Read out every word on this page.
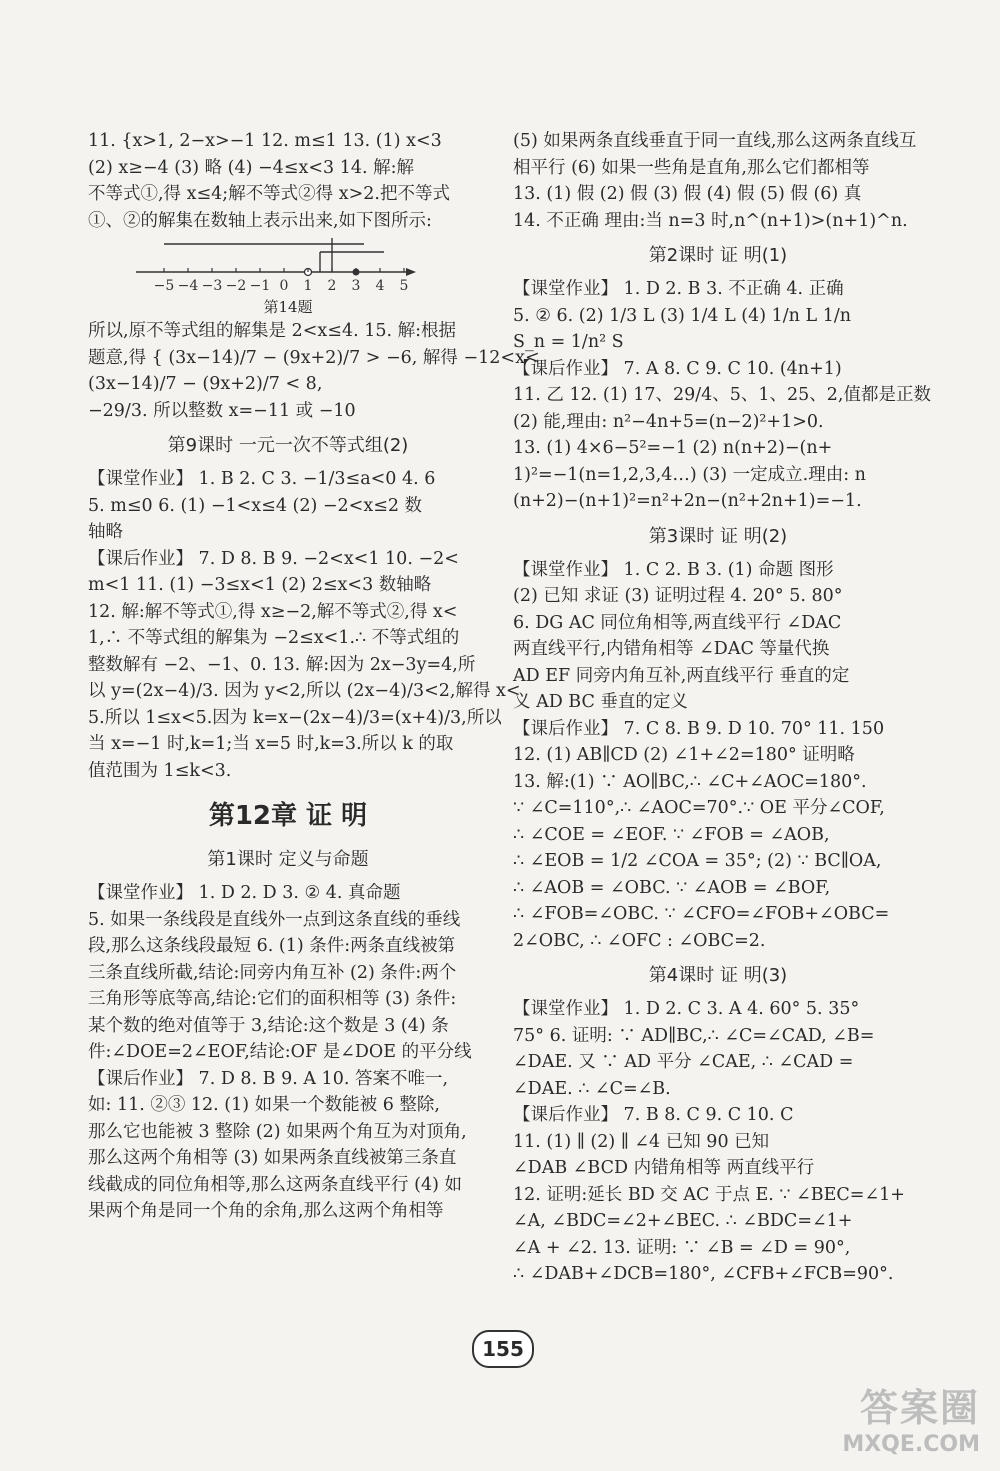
11. {x>1, 2−x>−1 12. m≤1 13. (1) x<3
(2) x≥−4 (3) 略 (4) −4≤x<3 14. 解:解
不等式①,得 x≤4;解不等式②得 x>2.把不等式
①、②的解集在数轴上表示出来,如下图所示:
−5 −4 −3 −2 −1 0 1 2 3 4 5
第14题
所以,原不等式组的解集是 2<x≤4. 15. 解:根据
题意,得 { (3x−14)/7 − (9x+2)/7 > −6, 解得 −12<x<
(3x−14)/7 − (9x+2)/7 < 8,
−29/3. 所以整数 x=−11 或 −10
第9课时 一元一次不等式组(2)
【课堂作业】 1. B 2. C 3. −1/3≤a<0 4. 6
5. m≤0 6. (1) −1<x≤4 (2) −2<x≤2 数
轴略
【课后作业】 7. D 8. B 9. −2<x<1 10. −2<
m<1 11. (1) −3≤x<1 (2) 2≤x<3 数轴略
12. 解:解不等式①,得 x≥−2,解不等式②,得 x<
1,∴ 不等式组的解集为 −2≤x<1.∴ 不等式组的
整数解有 −2、−1、0. 13. 解:因为 2x−3y=4,所
以 y=(2x−4)/3. 因为 y<2,所以 (2x−4)/3<2,解得 x<
5.所以 1≤x<5.因为 k=x−(2x−4)/3=(x+4)/3,所以
当 x=−1 时,k=1;当 x=5 时,k=3.所以 k 的取
值范围为 1≤k<3.
第12章 证 明
第1课时 定义与命题
【课堂作业】 1. D 2. D 3. ② 4. 真命题
5. 如果一条线段是直线外一点到这条直线的垂线
段,那么这条线段最短 6. (1) 条件:两条直线被第
三条直线所截,结论:同旁内角互补 (2) 条件:两个
三角形等底等高,结论:它们的面积相等 (3) 条件:
某个数的绝对值等于 3,结论:这个数是 3 (4) 条
件:∠DOE=2∠EOF,结论:OF 是∠DOE 的平分线
【课后作业】 7. D 8. B 9. A 10. 答案不唯一,
如: 11. ②③ 12. (1) 如果一个数能被 6 整除,
那么它也能被 3 整除 (2) 如果两个角互为对顶角,
那么这两个角相等 (3) 如果两条直线被第三条直
线截成的同位角相等,那么这两条直线平行 (4) 如
果两个角是同一个角的余角,那么这两个角相等
(5) 如果两条直线垂直于同一直线,那么这两条直线互
相平行 (6) 如果一些角是直角,那么它们都相等
13. (1) 假 (2) 假 (3) 假 (4) 假 (5) 假 (6) 真
14. 不正确 理由:当 n=3 时,n^(n+1)>(n+1)^n.
第2课时 证 明(1)
【课堂作业】 1. D 2. B 3. 不正确 4. 正确
5. ② 6. (2) 1/3 L (3) 1/4 L (4) 1/n L 1/n
S_n = 1/n² S
【课后作业】 7. A 8. C 9. C 10. (4n+1)
11. 乙 12. (1) 17、29/4、5、1、25、2,值都是正数
(2) 能,理由: n²−4n+5=(n−2)²+1>0.
13. (1) 4×6−5²=−1 (2) n(n+2)−(n+
1)²=−1(n=1,2,3,4…) (3) 一定成立.理由: n
(n+2)−(n+1)²=n²+2n−(n²+2n+1)=−1.
第3课时 证 明(2)
【课堂作业】 1. C 2. B 3. (1) 命题 图形
(2) 已知 求证 (3) 证明过程 4. 20° 5. 80°
6. DG AC 同位角相等,两直线平行 ∠DAC
两直线平行,内错角相等 ∠DAC 等量代换
AD EF 同旁内角互补,两直线平行 垂直的定
义 AD BC 垂直的定义
【课后作业】 7. C 8. B 9. D 10. 70° 11. 150
12. (1) AB∥CD (2) ∠1+∠2=180° 证明略
13. 解:(1) ∵ AO∥BC,∴ ∠C+∠AOC=180°.
∵ ∠C=110°,∴ ∠AOC=70°.∵ OE 平分∠COF,
∴ ∠COE = ∠EOF. ∵ ∠FOB = ∠AOB,
∴ ∠EOB = 1/2 ∠COA = 35°; (2) ∵ BC∥OA,
∴ ∠AOB = ∠OBC. ∵ ∠AOB = ∠BOF,
∴ ∠FOB=∠OBC. ∵ ∠CFO=∠FOB+∠OBC=
2∠OBC, ∴ ∠OFC : ∠OBC=2.
第4课时 证 明(3)
【课堂作业】 1. D 2. C 3. A 4. 60° 5. 35°
75° 6. 证明: ∵ AD∥BC,∴ ∠C=∠CAD, ∠B=
∠DAE. 又 ∵ AD 平分 ∠CAE, ∴ ∠CAD =
∠DAE. ∴ ∠C=∠B.
【课后作业】 7. B 8. C 9. C 10. C
11. (1) ∥ (2) ∥ ∠4 已知 90 已知
∠DAB ∠BCD 内错角相等 两直线平行
12. 证明:延长 BD 交 AC 于点 E. ∵ ∠BEC=∠1+
∠A, ∠BDC=∠2+∠BEC. ∴ ∠BDC=∠1+
∠A + ∠2. 13. 证明: ∵ ∠B = ∠D = 90°,
∴ ∠DAB+∠DCB=180°, ∠CFB+∠FCB=90°.
155
答案圈
MXQE.COM
